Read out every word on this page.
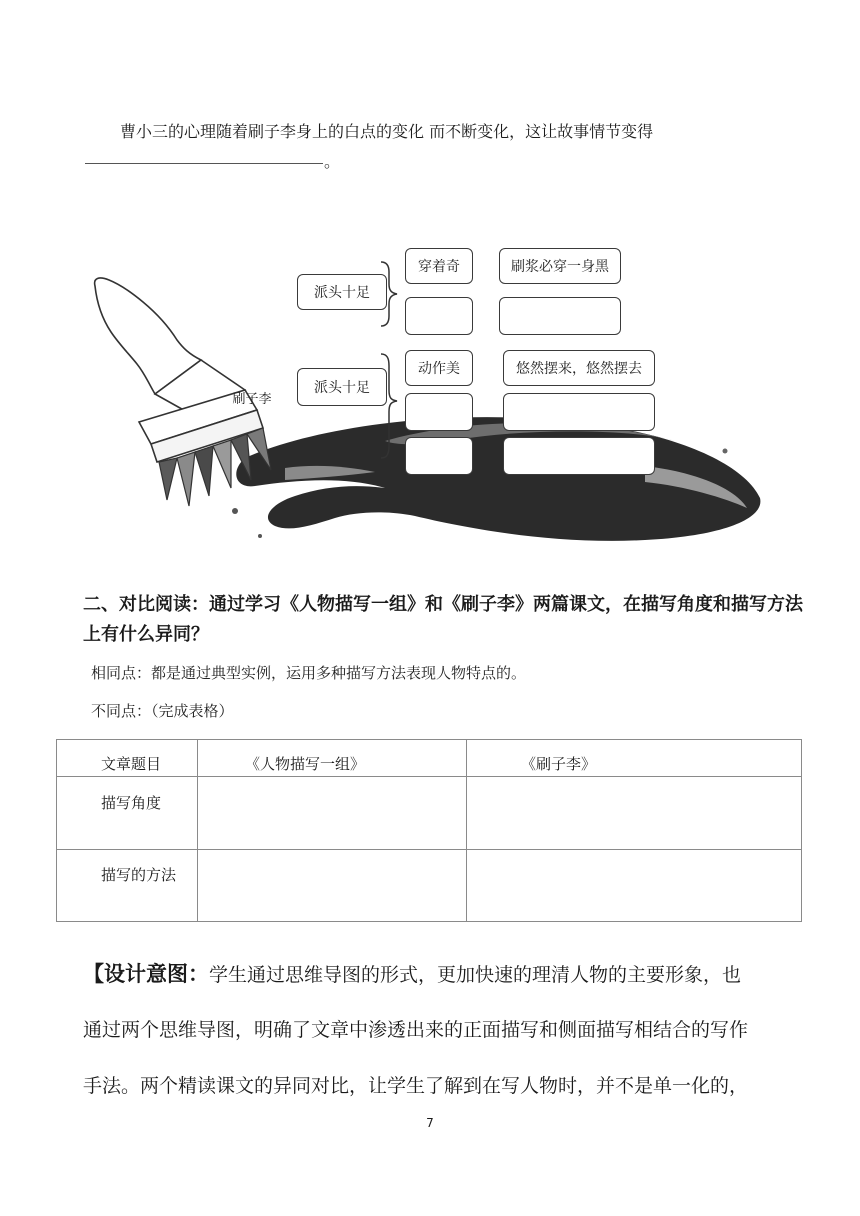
曹小三的心理随着刷子李身上的白点的变化 而不断变化，这让故事情节变得
。
刷子李
派头十足
穿着奇	刷浆必穿一身黑
派头十足
动作美	悠然摆来，悠然摆去
二、对比阅读：通过学习《人物描写一组》和《刷子李》两篇课文，在描写角度和描写方法上有什么异同？
相同点：都是通过典型实例，运用多种描写方法表现人物特点的。
不同点：（完成表格）
文章题目	《人物描写一组》	《刷子李》

描写角度		

描写的方法		

【设计意图：学生通过思维导图的形式，更加快速的理清人物的主要形象，也
通过两个思维导图，明确了文章中渗透出来的正面描写和侧面描写相结合的写作
手法。两个精读课文的异同对比，让学生了解到在写人物时，并不是单一化的，
7
